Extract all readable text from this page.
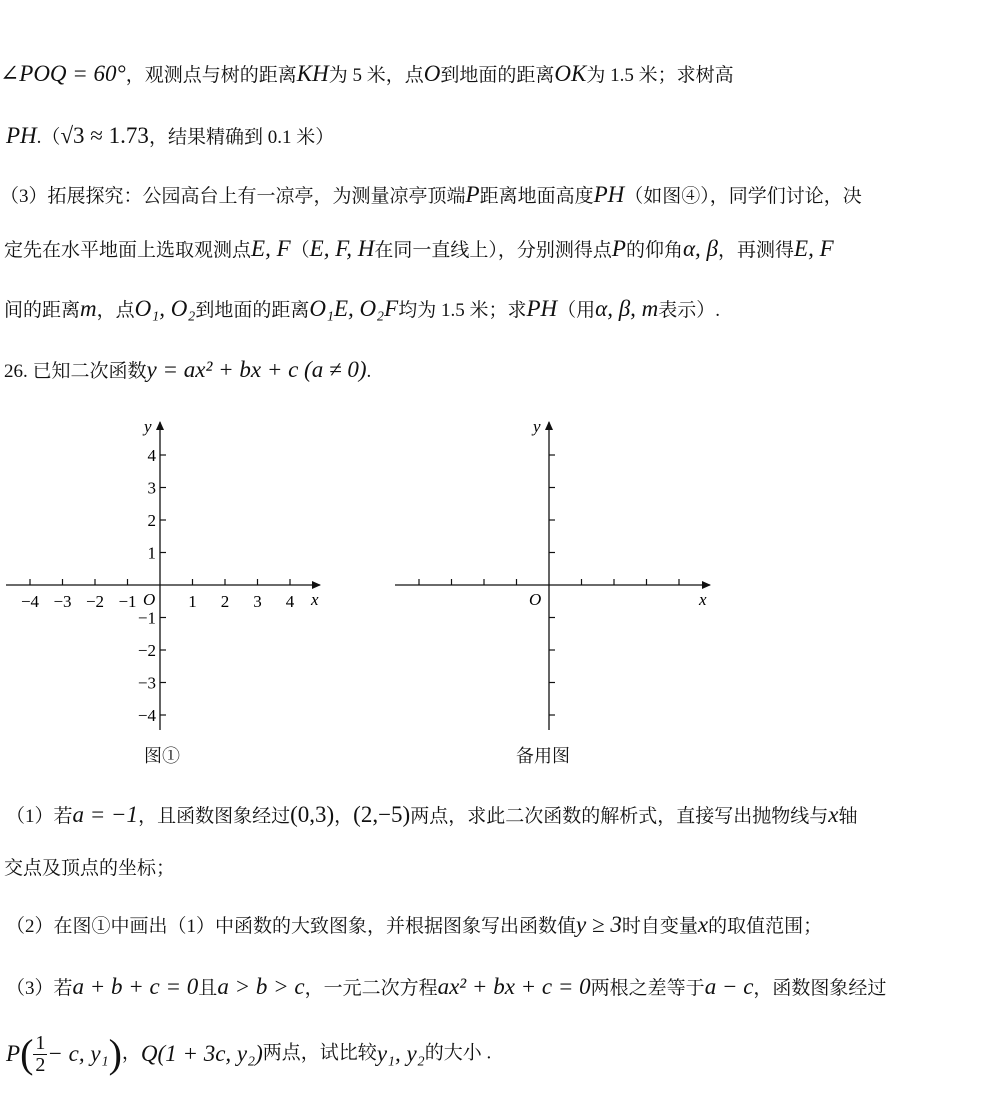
∠POQ = 60°，观测点与树的距离KH为 5 米，点O到地面的距离OK为 1.5 米；求树高
PH.（√3 ≈ 1.73，结果精确到 0.1 米）
（3）拓展探究：公园高台上有一凉亭，为测量凉亭顶端P距离地面高度PH（如图④），同学们讨论，决
定先在水平地面上选取观测点E, F（E, F, H在同一直线上），分别测得点P的仰角α, β，再测得E, F
间的距离m，点O₁, O₂到地面的距离O₁E, O₂F均为 1.5 米；求PH（用α, β, m表示）.
26. 已知二次函数y = ax² + bx + c (a ≠ 0).
−4 −3 −2 −1	1 2 3 4
4
3
2
1
−1
−2
−3
−4
x
y
O
图①
x
y
O
备用图
（1）若a = −1，且函数图象经过(0,3)，(2,−5)两点，求此二次函数的解析式，直接写出抛物线与x轴
交点及顶点的坐标；
（2）在图①中画出（1）中函数的大致图象，并根据图象写出函数值y ≥ 3时自变量x的取值范围；
（3）若a + b + c = 0且a > b > c，一元二次方程ax² + bx + c = 0两根之差等于a − c，函数图象经过
$P( \frac{1}{2} - c$, y₁)，Q(1 + 3c, y₂)两点，试比较y₁, y₂的大小 .
